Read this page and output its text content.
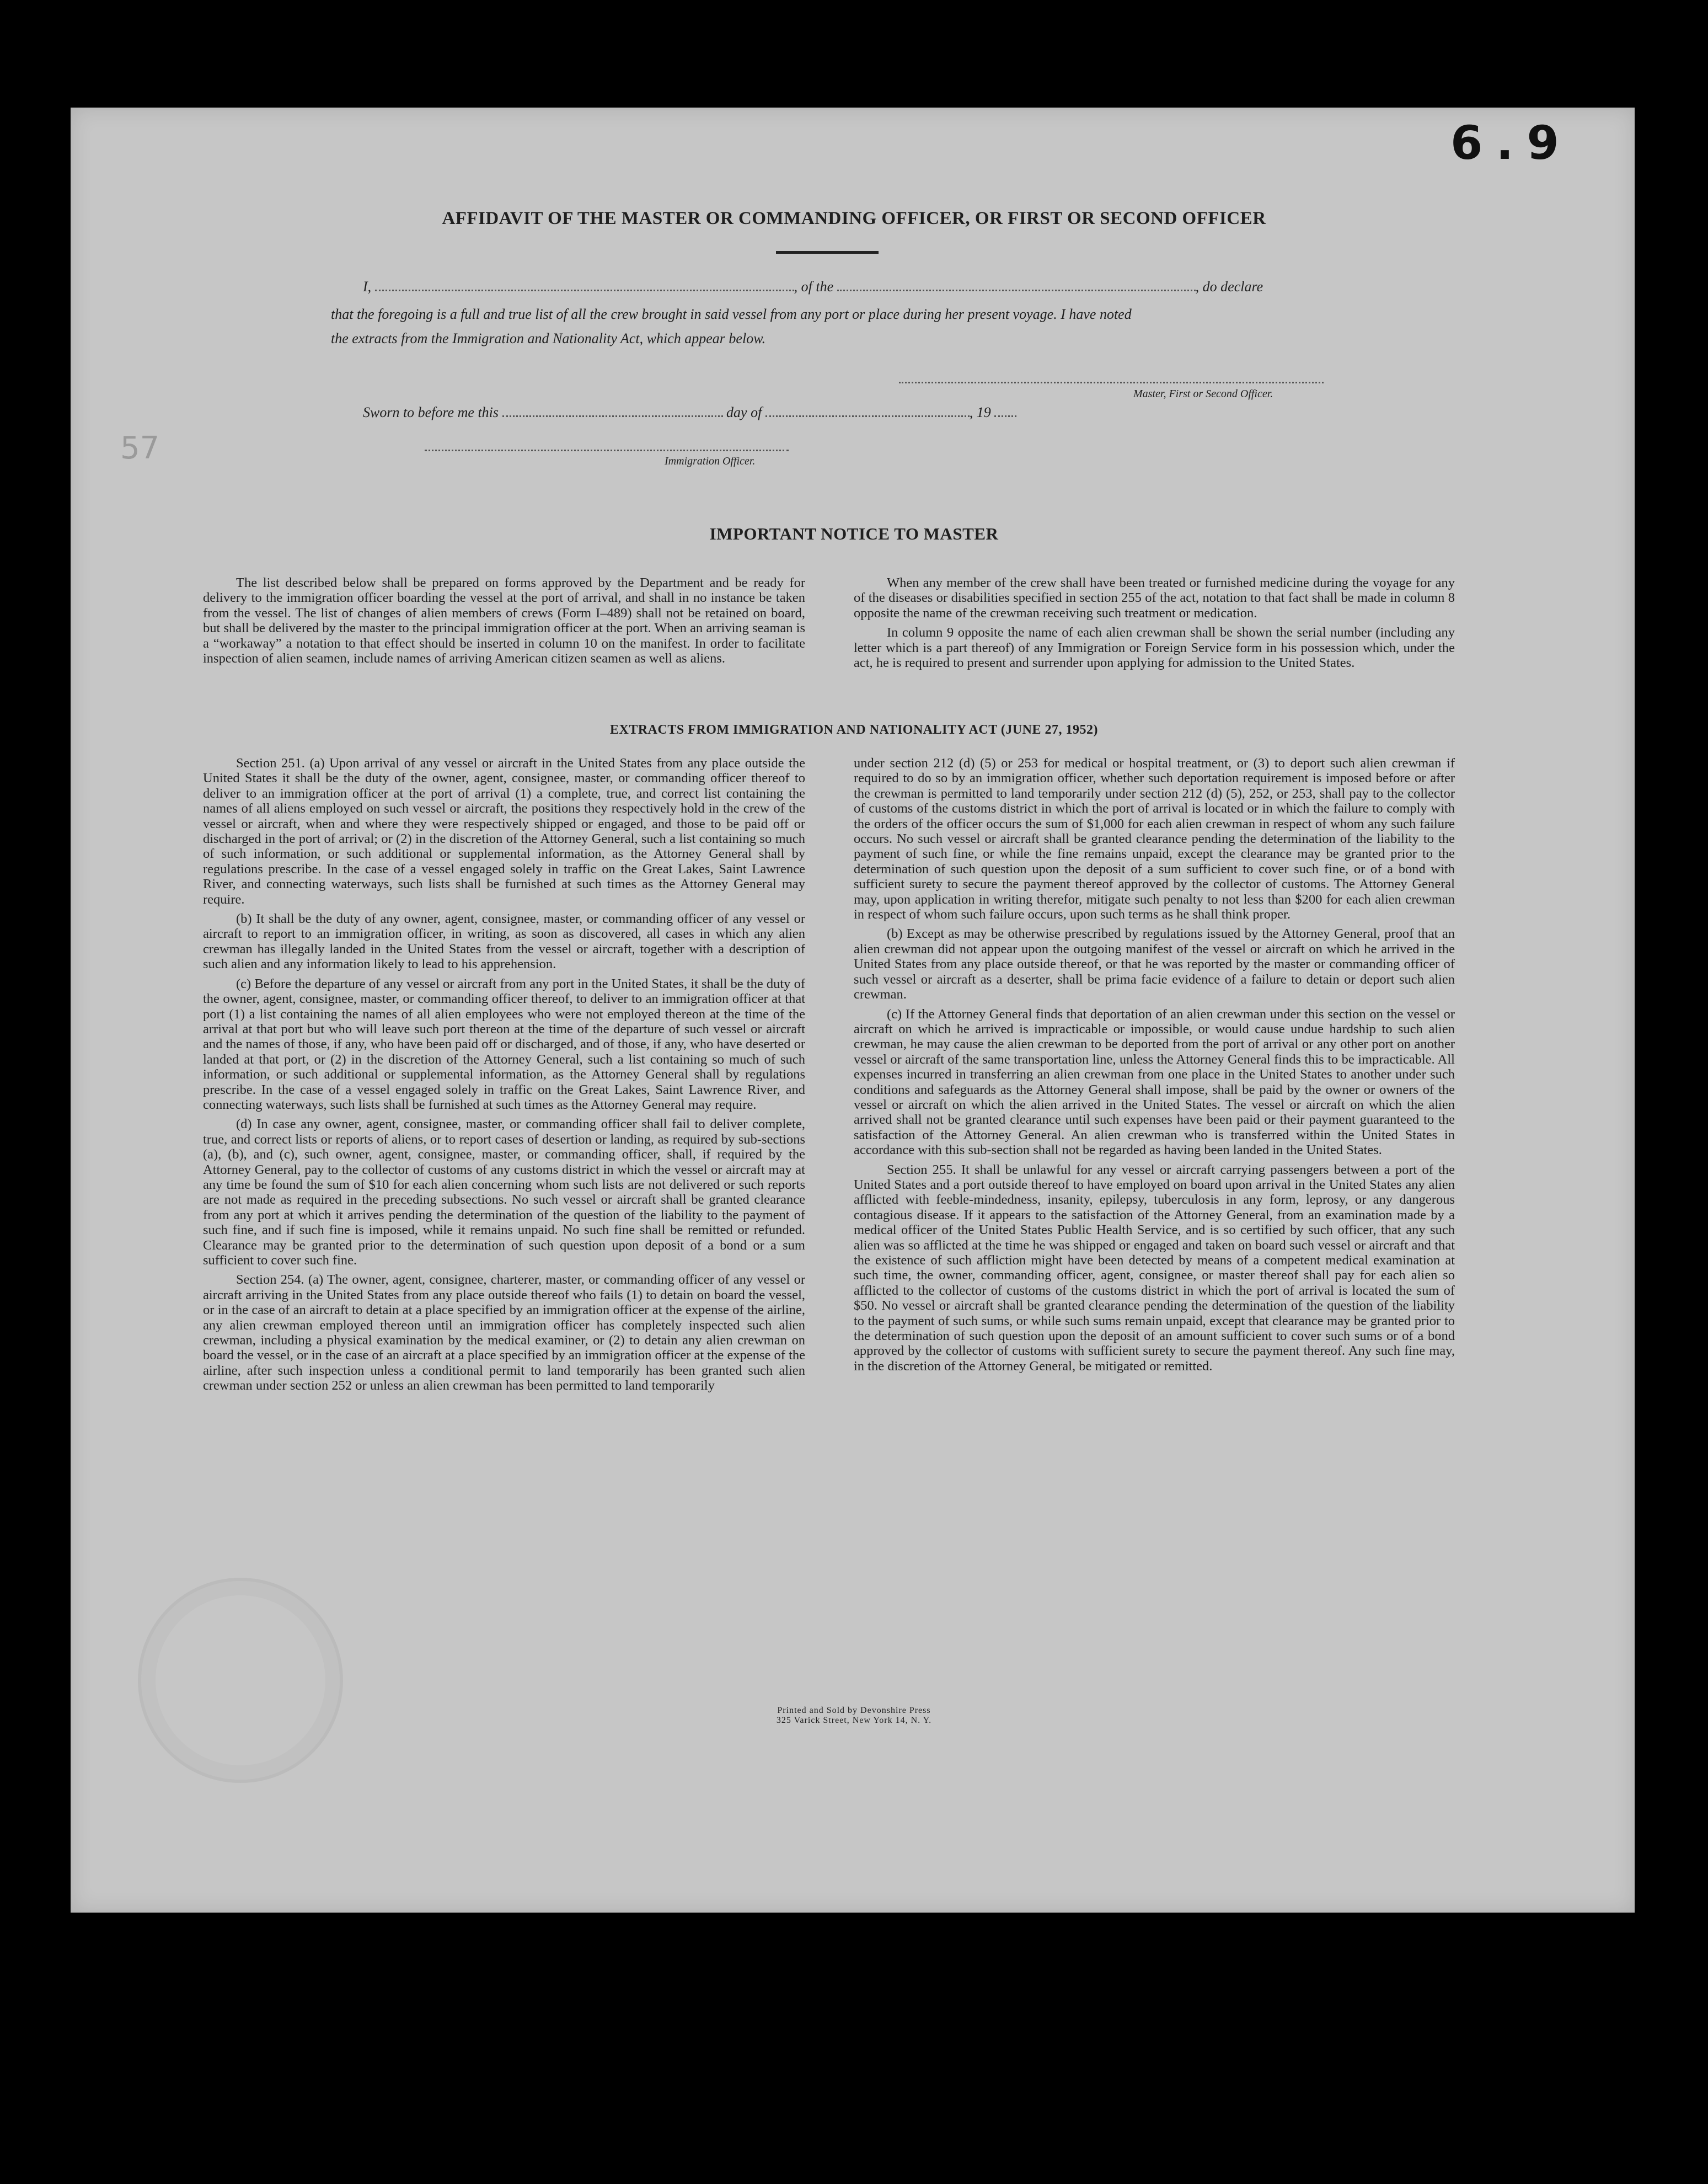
6.9
57
AFFIDAVIT OF THE MASTER OR COMMANDING OFFICER, OR FIRST OR SECOND OFFICER
I,	, of the	, do declare
that the foregoing is a full and true list of all the crew brought in said vessel from any port or place during her present voyage. I have noted
the extracts from the Immigration and Nationality Act, which appear below.
Master, First or Second Officer.
Sworn to before me this	day of	, 19
Immigration Officer.
IMPORTANT NOTICE TO MASTER

The list described below shall be prepared on forms approved by the Department and be ready for delivery to the immigration officer boarding the vessel at the port of arrival, and shall in no instance be taken from the vessel. The list of changes of alien members of crews (Form I–489) shall not be retained on board, but shall be delivered by the master to the principal immigration officer at the port. When an arriving seaman is a “workaway” a notation to that effect should be inserted in column 10 on the manifest. In order to facilitate inspection of alien seamen, include names of arriving American citizen seamen as well as aliens.

When any member of the crew shall have been treated or furnished medicine during the voyage for any of the diseases or disabilities specified in section 255 of the act, notation to that fact shall be made in column 8 opposite the name of the crewman receiving such treatment or medication.

In column 9 opposite the name of each alien crewman shall be shown the serial number (including any letter which is a part thereof) of any Immigration or Foreign Service form in his possession which, under the act, he is required to present and surrender upon applying for admission to the United States.

EXTRACTS FROM IMMIGRATION AND NATIONALITY ACT (JUNE 27, 1952)

Section 251. (a) Upon arrival of any vessel or aircraft in the United States from any place outside the United States it shall be the duty of the owner, agent, consignee, master, or commanding officer thereof to deliver to an immigration officer at the port of arrival (1) a complete, true, and correct list containing the names of all aliens employed on such vessel or aircraft, the positions they respectively hold in the crew of the vessel or aircraft, when and where they were respectively shipped or engaged, and those to be paid off or discharged in the port of arrival; or (2) in the discretion of the Attorney General, such a list containing so much of such information, or such additional or supplemental information, as the Attorney General shall by regulations prescribe. In the case of a vessel engaged solely in traffic on the Great Lakes, Saint Lawrence River, and connecting waterways, such lists shall be furnished at such times as the Attorney General may require.

(b) It shall be the duty of any owner, agent, consignee, master, or commanding officer of any vessel or aircraft to report to an immigration officer, in writing, as soon as discovered, all cases in which any alien crewman has illegally landed in the United States from the vessel or aircraft, together with a description of such alien and any information likely to lead to his apprehension.

(c) Before the departure of any vessel or aircraft from any port in the United States, it shall be the duty of the owner, agent, consignee, master, or commanding officer thereof, to deliver to an immigration officer at that port (1) a list containing the names of all alien employees who were not employed thereon at the time of the arrival at that port but who will leave such port thereon at the time of the departure of such vessel or aircraft and the names of those, if any, who have been paid off or discharged, and of those, if any, who have deserted or landed at that port, or (2) in the discretion of the Attorney General, such a list containing so much of such information, or such additional or supplemental information, as the Attorney General shall by regulations prescribe. In the case of a vessel engaged solely in traffic on the Great Lakes, Saint Lawrence River, and connecting waterways, such lists shall be furnished at such times as the Attorney General may require.

(d) In case any owner, agent, consignee, master, or commanding officer shall fail to deliver complete, true, and correct lists or reports of aliens, or to report cases of desertion or landing, as required by sub-sections (a), (b), and (c), such owner, agent, consignee, master, or commanding officer, shall, if required by the Attorney General, pay to the collector of customs of any customs district in which the vessel or aircraft may at any time be found the sum of $10 for each alien concerning whom such lists are not delivered or such reports are not made as required in the preceding subsections. No such vessel or aircraft shall be granted clearance from any port at which it arrives pending the determination of the question of the liability to the payment of such fine, and if such fine is imposed, while it remains unpaid. No such fine shall be remitted or refunded. Clearance may be granted prior to the determination of such question upon deposit of a bond or a sum sufficient to cover such fine.

Section 254. (a) The owner, agent, consignee, charterer, master, or commanding officer of any vessel or aircraft arriving in the United States from any place outside thereof who fails (1) to detain on board the vessel, or in the case of an aircraft to detain at a place specified by an immigration officer at the expense of the airline, any alien crewman employed thereon until an immigration officer has completely inspected such alien crewman, including a physical examination by the medical examiner, or (2) to detain any alien crewman on board the vessel, or in the case of an aircraft at a place specified by an immigration officer at the expense of the airline, after such inspection unless a conditional permit to land temporarily has been granted such alien crewman under section 252 or unless an alien crewman has been permitted to land temporarily

under section 212 (d) (5) or 253 for medical or hospital treatment, or (3) to deport such alien crewman if required to do so by an immigration officer, whether such deportation requirement is imposed before or after the crewman is permitted to land temporarily under section 212 (d) (5), 252, or 253, shall pay to the collector of customs of the customs district in which the port of arrival is located or in which the failure to comply with the orders of the officer occurs the sum of $1,000 for each alien crewman in respect of whom any such failure occurs. No such vessel or aircraft shall be granted clearance pending the determination of the liability to the payment of such fine, or while the fine remains unpaid, except the clearance may be granted prior to the determination of such question upon the deposit of a sum sufficient to cover such fine, or of a bond with sufficient surety to secure the payment thereof approved by the collector of customs. The Attorney General may, upon application in writing therefor, mitigate such penalty to not less than $200 for each alien crewman in respect of whom such failure occurs, upon such terms as he shall think proper.

(b) Except as may be otherwise prescribed by regulations issued by the Attorney General, proof that an alien crewman did not appear upon the outgoing manifest of the vessel or aircraft on which he arrived in the United States from any place outside thereof, or that he was reported by the master or commanding officer of such vessel or aircraft as a deserter, shall be prima facie evidence of a failure to detain or deport such alien crewman.

(c) If the Attorney General finds that deportation of an alien crewman under this section on the vessel or aircraft on which he arrived is impracticable or impossible, or would cause undue hardship to such alien crewman, he may cause the alien crewman to be deported from the port of arrival or any other port on another vessel or aircraft of the same transportation line, unless the Attorney General finds this to be impracticable. All expenses incurred in transferring an alien crewman from one place in the United States to another under such conditions and safeguards as the Attorney General shall impose, shall be paid by the owner or owners of the vessel or aircraft on which the alien arrived in the United States. The vessel or aircraft on which the alien arrived shall not be granted clearance until such expenses have been paid or their payment guaranteed to the satisfaction of the Attorney General. An alien crewman who is transferred within the United States in accordance with this sub-section shall not be regarded as having been landed in the United States.

Section 255. It shall be unlawful for any vessel or aircraft carrying passengers between a port of the United States and a port outside thereof to have employed on board upon arrival in the United States any alien afflicted with feeble-mindedness, insanity, epilepsy, tuberculosis in any form, leprosy, or any dangerous contagious disease. If it appears to the satisfaction of the Attorney General, from an examination made by a medical officer of the United States Public Health Service, and is so certified by such officer, that any such alien was so afflicted at the time he was shipped or engaged and taken on board such vessel or aircraft and that the existence of such affliction might have been detected by means of a competent medical examination at such time, the owner, commanding officer, agent, consignee, or master thereof shall pay for each alien so afflicted to the collector of customs of the customs district in which the port of arrival is located the sum of $50. No vessel or aircraft shall be granted clearance pending the determination of the question of the liability to the payment of such sums, or while such sums remain unpaid, except that clearance may be granted prior to the determination of such question upon the deposit of an amount sufficient to cover such sums or of a bond approved by the collector of customs with sufficient surety to secure the payment thereof. Any such fine may, in the discretion of the Attorney General, be mitigated or remitted.

Printed and Sold by Devonshire Press
325 Varick Street, New York 14, N. Y.
